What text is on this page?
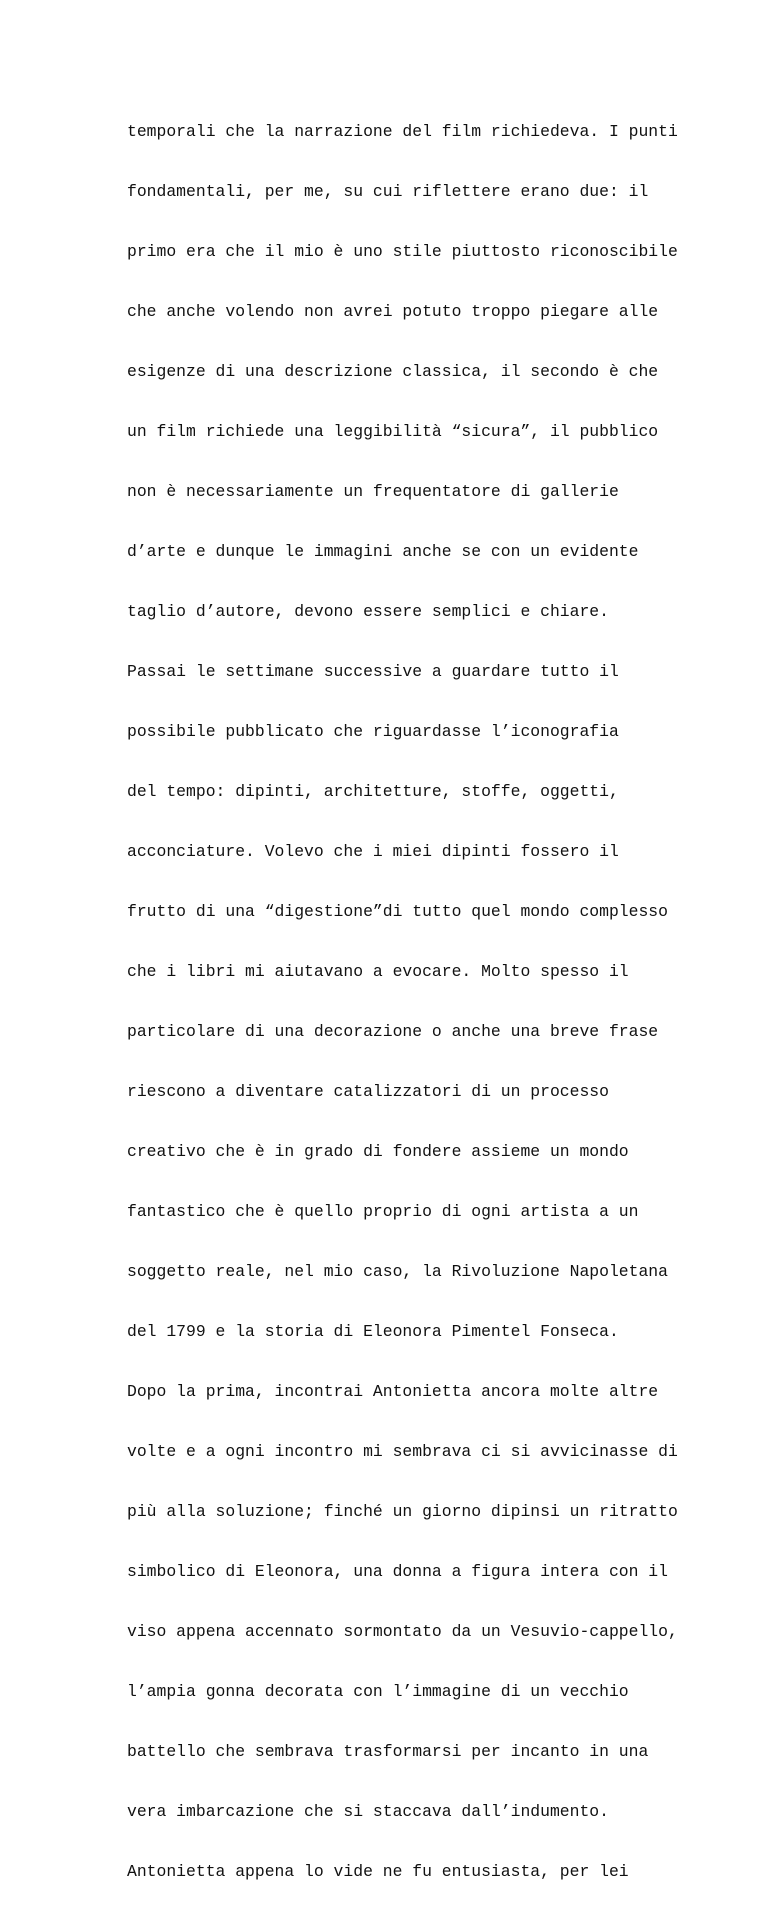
temporali che la narrazione del film richiedeva. I punti

fondamentali, per me, su cui riflettere erano due: il

primo era che il mio è uno stile piuttosto riconoscibile

che anche volendo non avrei potuto troppo piegare alle

esigenze di una descrizione classica, il secondo è che

un film richiede una leggibilità “sicura”, il pubblico

non è necessariamente un frequentatore di gallerie

d’arte e dunque le immagini anche se con un evidente

taglio d’autore, devono essere semplici e chiare.

Passai le settimane successive a guardare tutto il

possibile pubblicato che riguardasse l’iconografia

del tempo: dipinti, architetture, stoffe, oggetti,

acconciature. Volevo che i miei dipinti fossero il

frutto di una “digestione”di tutto quel mondo complesso

che i libri mi aiutavano a evocare. Molto spesso il

particolare di una decorazione o anche una breve frase

riescono a diventare catalizzatori di un processo

creativo che è in grado di fondere assieme un mondo

fantastico che è quello proprio di ogni artista a un

soggetto reale, nel mio caso, la Rivoluzione Napoletana

del 1799 e la storia di Eleonora Pimentel Fonseca.

Dopo la prima, incontrai Antonietta ancora molte altre

volte e a ogni incontro mi sembrava ci si avvicinasse di

più alla soluzione; finché un giorno dipinsi un ritratto

simbolico di Eleonora, una donna a figura intera con il

viso appena accennato sormontato da un Vesuvio-cappello,

l’ampia gonna decorata con l’immagine di un vecchio

battello che sembrava trasformarsi per incanto in una

vera imbarcazione che si staccava dall’indumento.

Antonietta appena lo vide ne fu entusiasta, per lei
